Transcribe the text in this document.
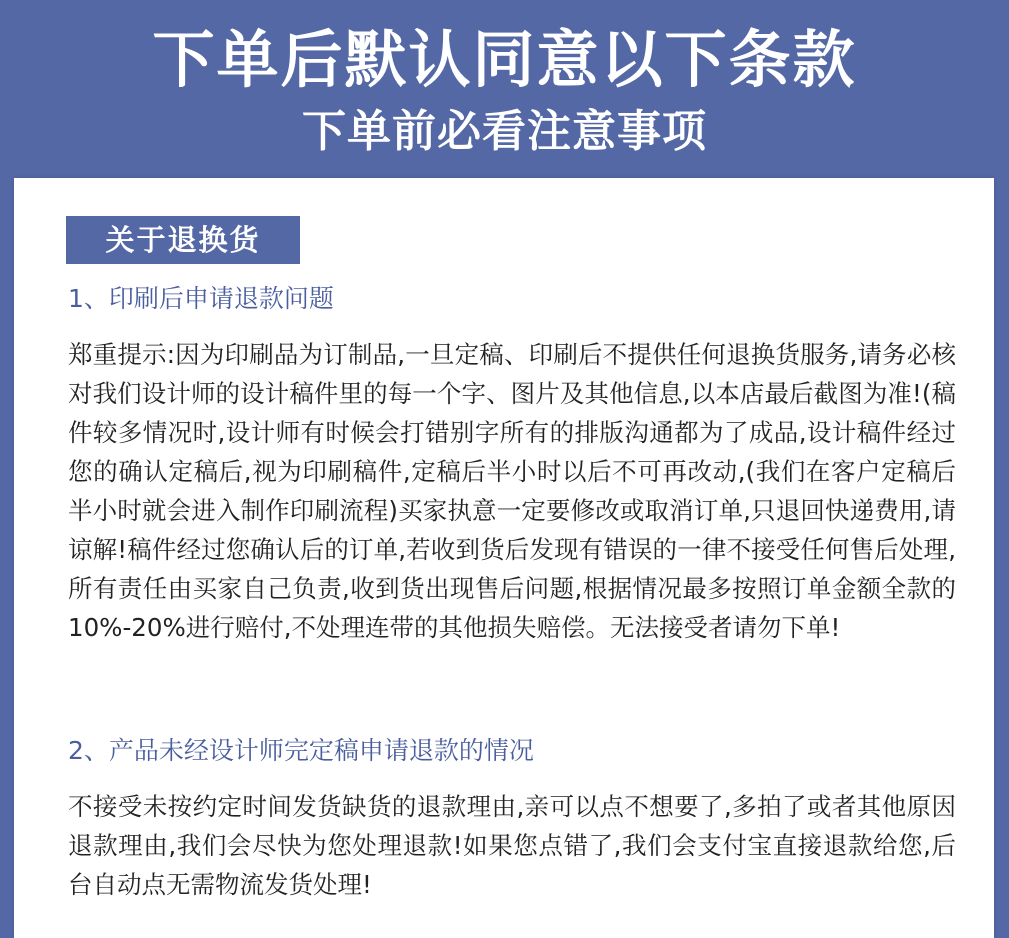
下单后默认同意以下条款
下单前必看注意事项
关于退换货
1、印刷后申请退款问题
郑重提示:因为印刷品为订制品,一旦定稿、印刷后不提供任何退换货服务,请务必核对我们设计师的设计稿件里的每一个字、图片及其他信息,以本店最后截图为准!(稿件较多情况时,设计师有时候会打错别字所有的排版沟通都为了成品,设计稿件经过您的确认定稿后,视为印刷稿件,定稿后半小时以后不可再改动,(我们在客户定稿后半小时就会进入制作印刷流程)买家执意一定要修改或取消订单,只退回快递费用,请谅解!稿件经过您确认后的订单,若收到货后发现有错误的一律不接受任何售后处理,所有责任由买家自己负责,收到货出现售后问题,根据情况最多按照订单金额全款的10%-20%进行赔付,不处理连带的其他损失赔偿。无法接受者请勿下单!
2、产品未经设计师完定稿申请退款的情况
不接受未按约定时间发货缺货的退款理由,亲可以点不想要了,多拍了或者其他原因退款理由,我们会尽快为您处理退款!如果您点错了,我们会支付宝直接退款给您,后台自动点无需物流发货处理!
